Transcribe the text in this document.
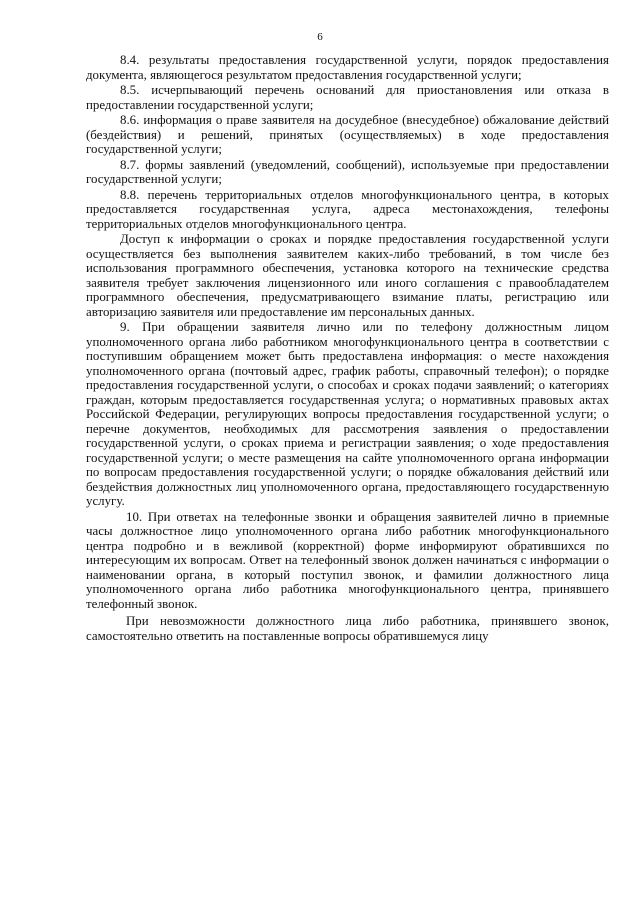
6

8.4. результаты предоставления государственной услуги, порядок предоставления документа, являющегося результатом предоставления государственной услуги;

8.5. исчерпывающий перечень оснований для приостановления или отказа в предоставлении государственной услуги;

8.6. информация о праве заявителя на досудебное (внесудебное) обжалование действий (бездействия) и решений, принятых (осуществляемых) в ходе предоставления государственной услуги;

8.7. формы заявлений (уведомлений, сообщений), используемые при предоставлении государственной услуги;

8.8. перечень территориальных отделов многофункционального центра, в которых предоставляется государственная услуга, адреса местонахождения, телефоны территориальных отделов многофункционального центра.

Доступ к информации о сроках и порядке предоставления государственной услуги осуществляется без выполнения заявителем каких-либо требований, в том числе без использования программного обеспечения, установка которого на технические средства заявителя требует заключения лицензионного или иного соглашения с правообладателем программного обеспечения, предусматривающего взимание платы, регистрацию или авторизацию заявителя или предоставление им персональных данных.

9. При обращении заявителя лично или по телефону должностным лицом уполномоченного органа либо работником многофункционального центра в соответствии с поступившим обращением может быть предоставлена информация: о месте нахождения уполномоченного органа (почтовый адрес, график работы, справочный телефон); о порядке предоставления государственной услуги, о способах и сроках подачи заявлений; о категориях граждан, которым предоставляется государственная услуга; о нормативных правовых актах Российской Федерации, регулирующих вопросы предоставления государственной услуги; о перечне документов, необходимых для рассмотрения заявления о предоставлении государственной услуги, о сроках приема и регистрации заявления; о ходе предоставления государственной услуги; о месте размещения на сайте уполномоченного органа информации по вопросам предоставления государственной услуги; о порядке обжалования действий или бездействия должностных лиц уполномоченного органа, предоставляющего государственную услугу.

10. При ответах на телефонные звонки и обращения заявителей лично в приемные часы должностное лицо уполномоченного органа либо работник многофункционального центра подробно и в вежливой (корректной) форме информируют обратившихся по интересующим их вопросам. Ответ на телефонный звонок должен начинаться с информации о наименовании органа, в который поступил звонок, и фамилии должностного лица уполномоченного органа либо работника многофункционального центра, принявшего телефонный звонок.

При невозможности должностного лица либо работника, принявшего звонок, самостоятельно ответить на поставленные вопросы обратившемуся лицу
